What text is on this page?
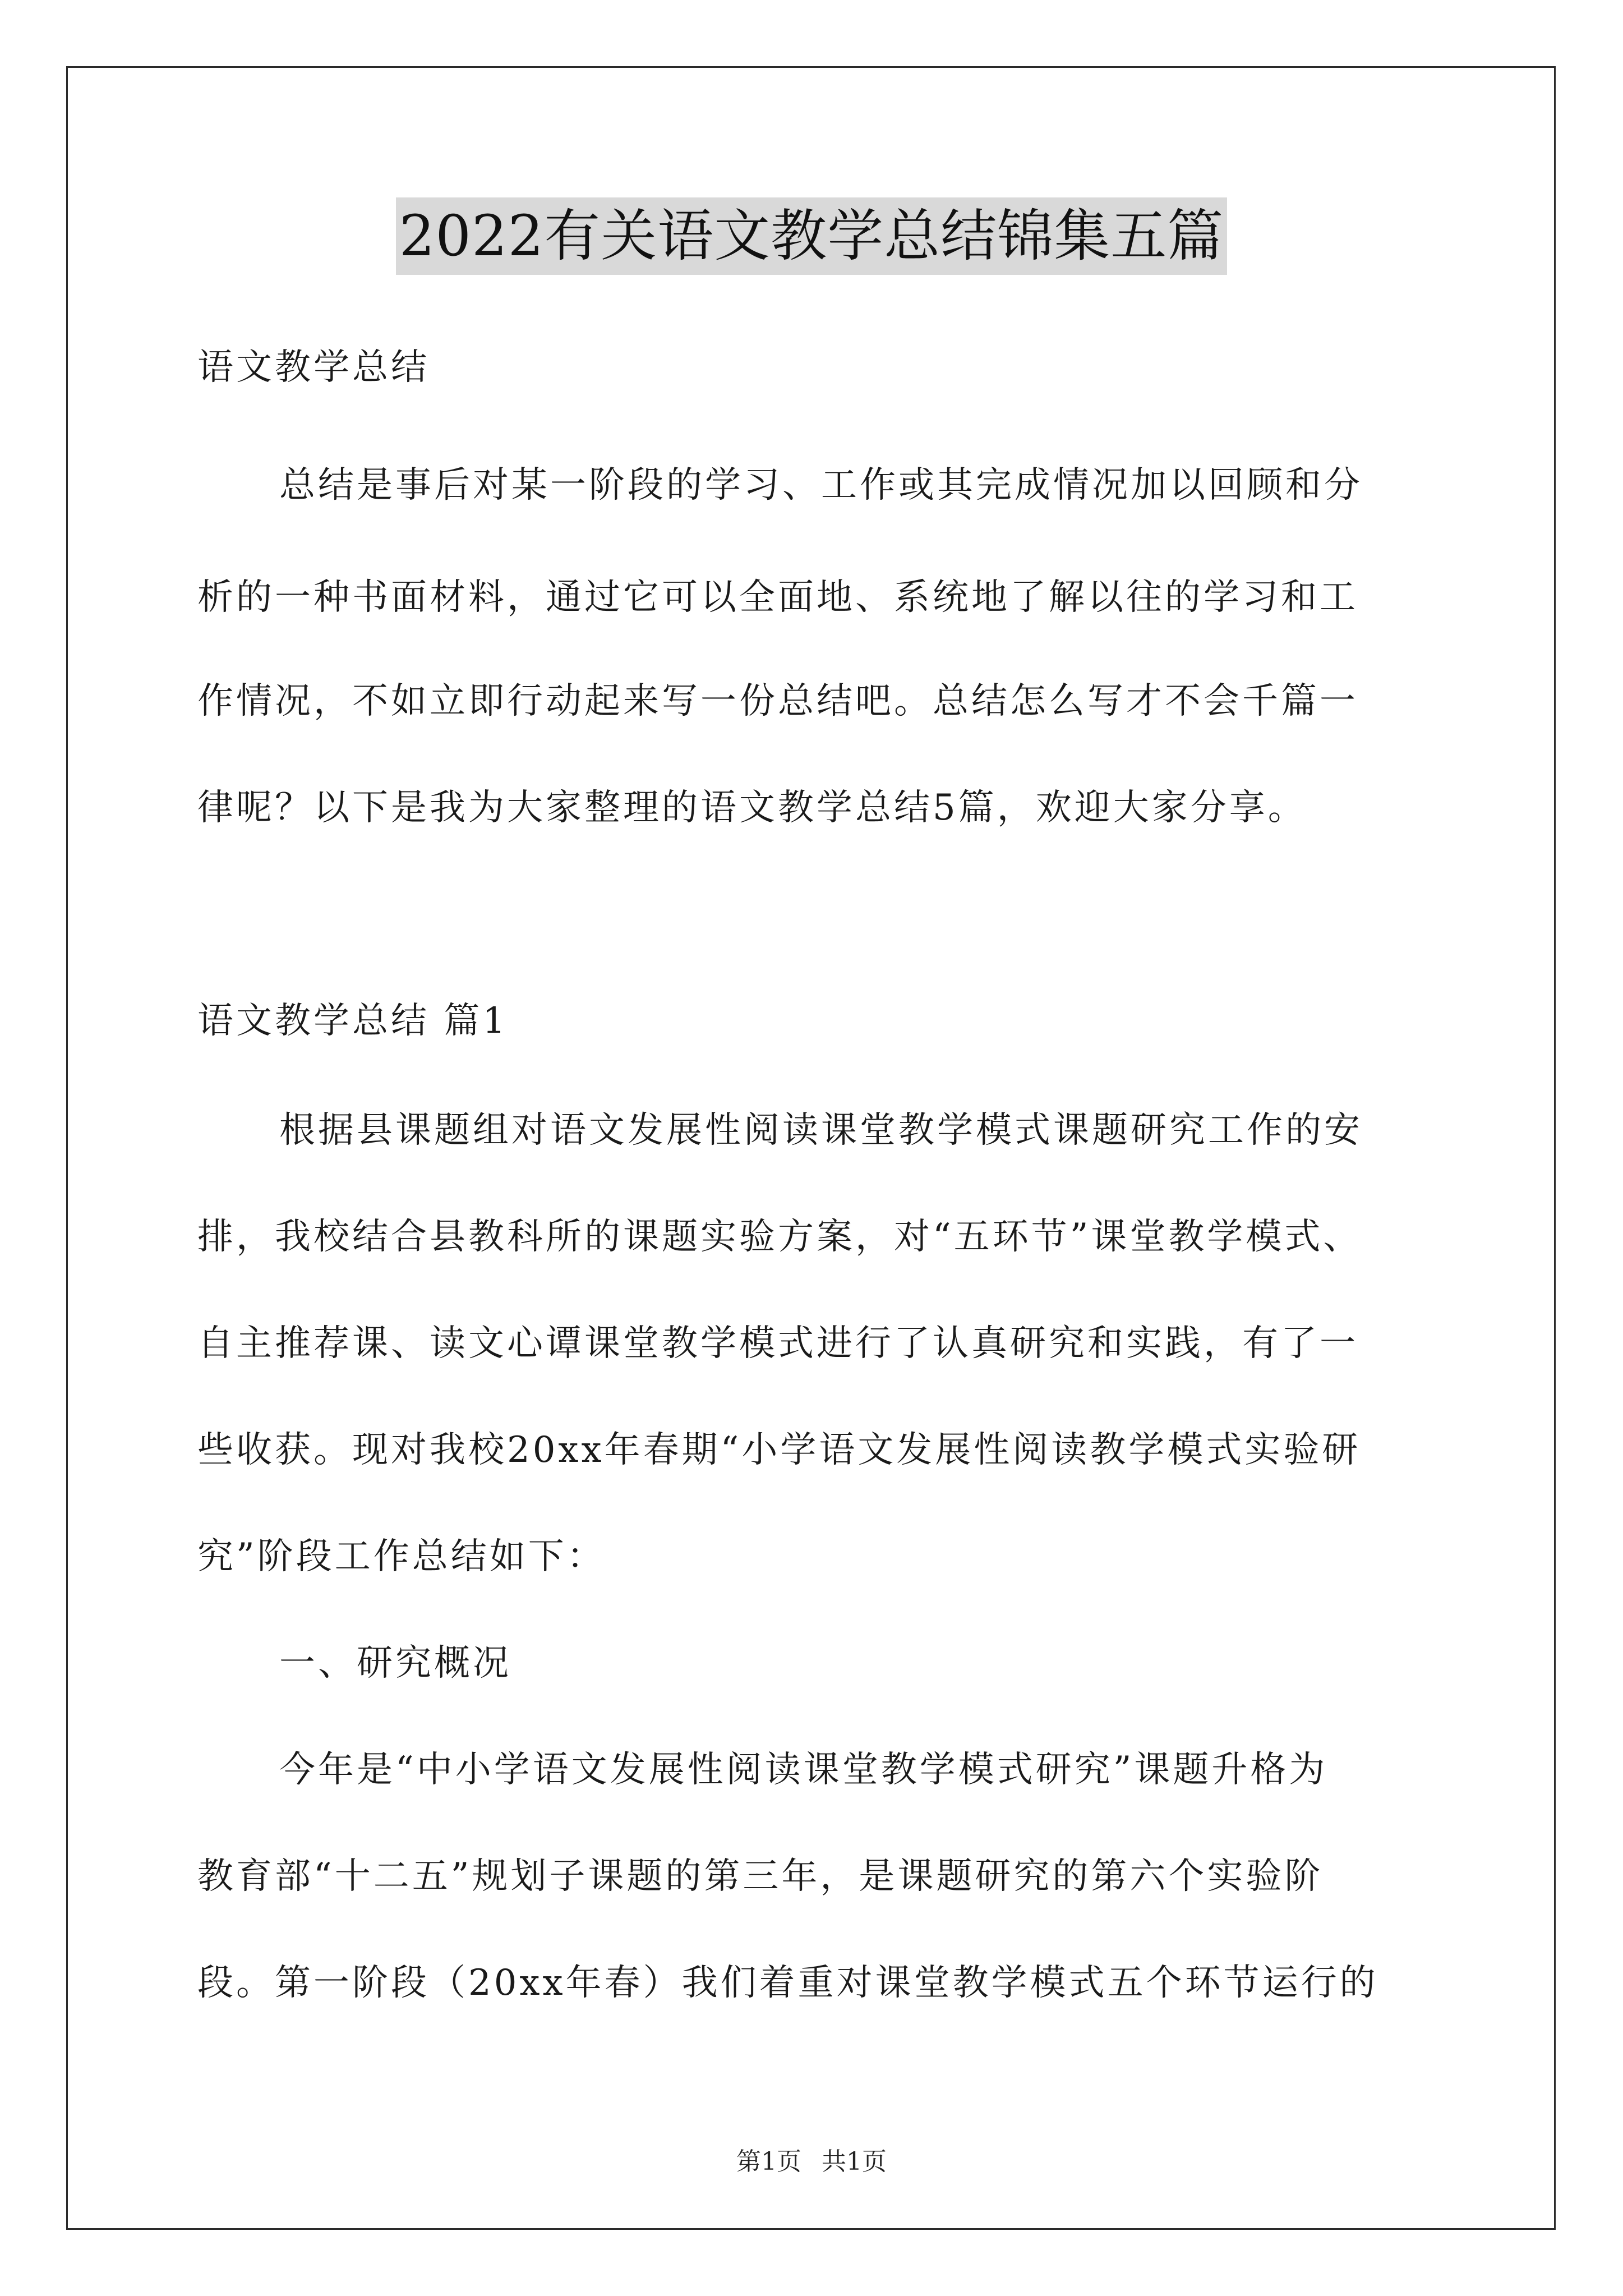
2022有关语文教学总结锦集五篇
语文教学总结
总结是事后对某一阶段的学习、工作或其完成情况加以回顾和分
析的一种书面材料，通过它可以全面地、系统地了解以往的学习和工
作情况，不如立即行动起来写一份总结吧。总结怎么写才不会千篇一
律呢？以下是我为大家整理的语文教学总结5篇，欢迎大家分享。
语文教学总结 篇1
根据县课题组对语文发展性阅读课堂教学模式课题研究工作的安
排，我校结合县教科所的课题实验方案，对“五环节”课堂教学模式、
自主推荐课、读文心谭课堂教学模式进行了认真研究和实践，有了一
些收获。现对我校20xx年春期“小学语文发展性阅读教学模式实验研
究”阶段工作总结如下：
一、研究概况
今年是“中小学语文发展性阅读课堂教学模式研究”课题升格为
教育部“十二五”规划子课题的第三年，是课题研究的第六个实验阶
段。第一阶段（20xx年春）我们着重对课堂教学模式五个环节运行的
第1页 共1页
